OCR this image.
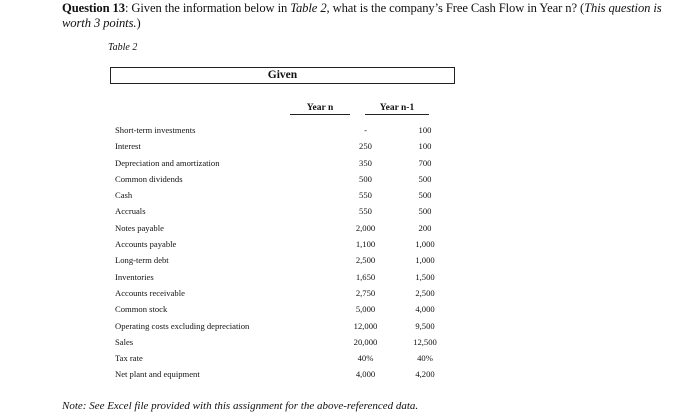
Question 13: Given the information below in Table 2, what is the company’s Free Cash Flow in Year n? (This question is worth 3 points.)
Table 2
Given
Year n	Year n-1
Short-term investments	-	100
Interest	250	100
Depreciation and amortization	350	700
Common dividends	500	500
Cash	550	500
Accruals	550	500
Notes payable	2,000	200
Accounts payable	1,100	1,000
Long-term debt	2,500	1,000
Inventories	1,650	1,500
Accounts receivable	2,750	2,500
Common stock	5,000	4,000
Operating costs excluding depreciation	12,000	9,500
Sales	20,000	12,500
Tax rate	40%	40%
Net plant and equipment	4,000	4,200
Note: See Excel file provided with this assignment for the above-referenced data.
